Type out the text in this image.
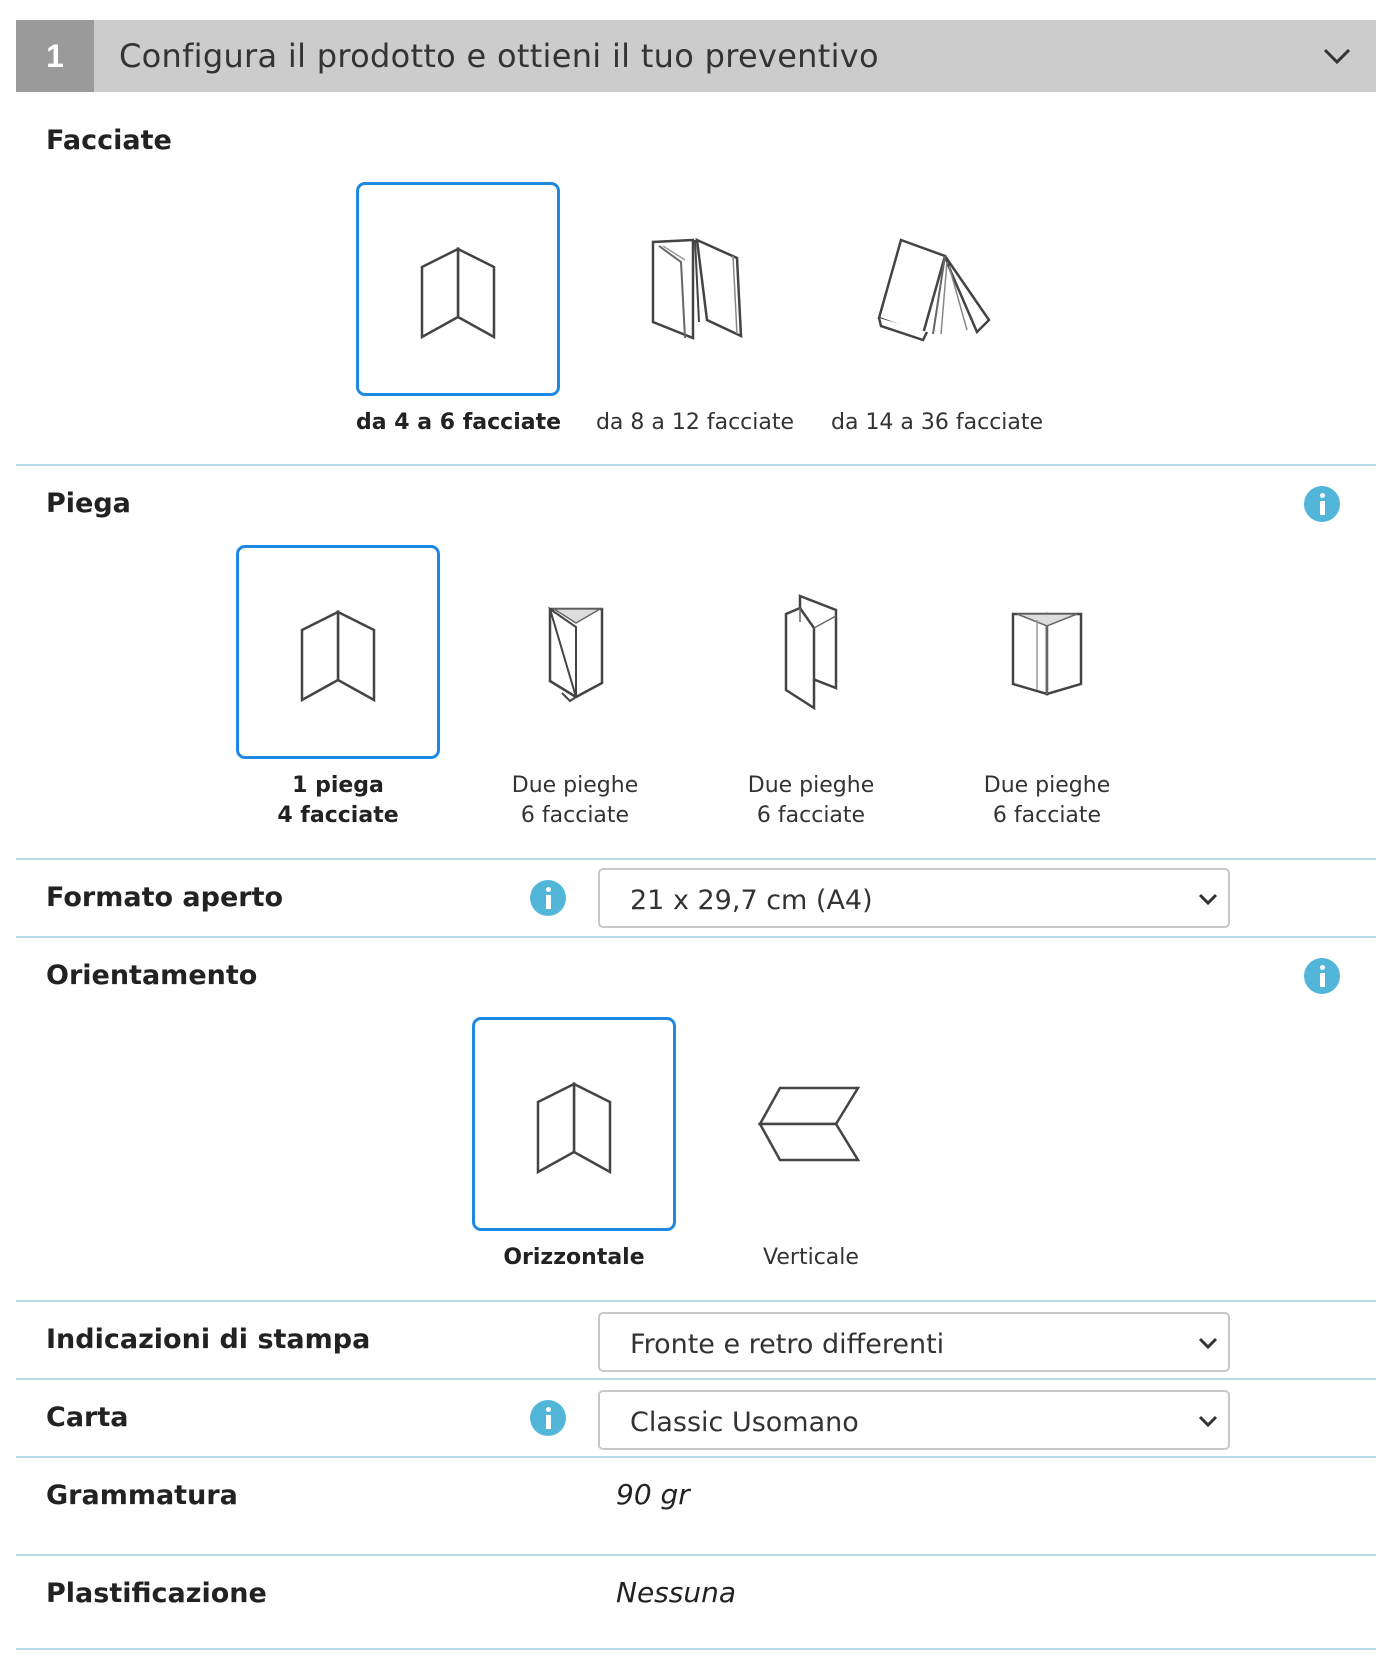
1	Configura il prodotto e ottieni il tuo preventivo
Facciate
da 4 a 6 facciate da 8 a 12 facciate da 14 a 36 facciate
Piega
1 piega
4 facciate
Due pieghe
6 facciate
Due pieghe
6 facciate
Due pieghe
6 facciate
Formato aperto	21 x 29,7 cm (A4)
Orientamento
Orizzontale	Verticale
Indicazioni di stampa	Fronte e retro differenti
Carta	Classic Usomano
Grammatura	90 gr
Plastificazione	Nessuna
